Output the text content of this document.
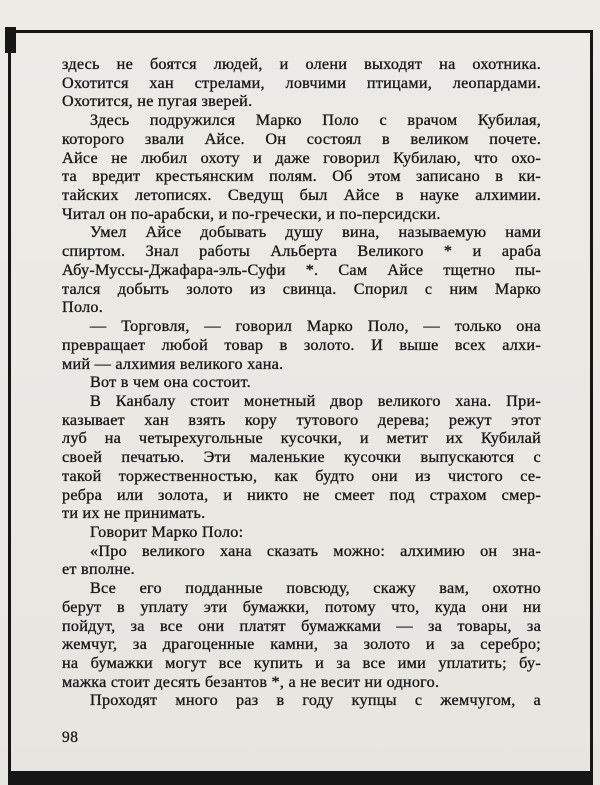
здесь не боятся людей, и олени выходят на охотника.
Охотится хан стрелами, ловчими птицами, леопардами.
Охотится, не пугая зверей.
Здесь подружился Марко Поло с врачом Кубилая,
которого звали Айсе. Он состоял в великом почете.
Айсе не любил охоту и даже говорил Кубилаю, что охо-
та вредит крестьянским полям. Об этом записано в ки-
тайских летописях. Сведущ был Айсе в науке алхимии.
Читал он по-арабски, и по-гречески, и по-персидски.
Умел Айсе добывать душу вина, называемую нами
спиртом. Знал работы Альберта Великого * и араба
Абу-Муссы-Джафара-эль-Суфи *. Сам Айсе тщетно пы-
тался добыть золото из свинца. Спорил с ним Марко
Поло.
— Торговля, — говорил Марко Поло, — только она
превращает любой товар в золото. И выше всех алхи-
мий — алхимия великого хана.
Вот в чем она состоит.
В Канбалу стоит монетный двор великого хана. При-
казывает хан взять кору тутового дерева; режут этот
луб на четырехугольные кусочки, и метит их Кубилай
своей печатью. Эти маленькие кусочки выпускаются с
такой торжественностью, как будто они из чистого се-
ребра или золота, и никто не смеет под страхом смер-
ти их не принимать.
Говорит Марко Поло:
«Про великого хана сказать можно: алхимию он зна-
ет вполне.
Все его подданные повсюду, скажу вам, охотно
берут в уплату эти бумажки, потому что, куда они ни
пойдут, за все они платят бумажками — за товары, за
жемчуг, за драгоценные камни, за золото и за серебро;
на бумажки могут все купить и за все ими уплатить; бу-
мажка стоит десять безантов *, а не весит ни одного.
Проходят много раз в году купцы с жемчугом, а
98
